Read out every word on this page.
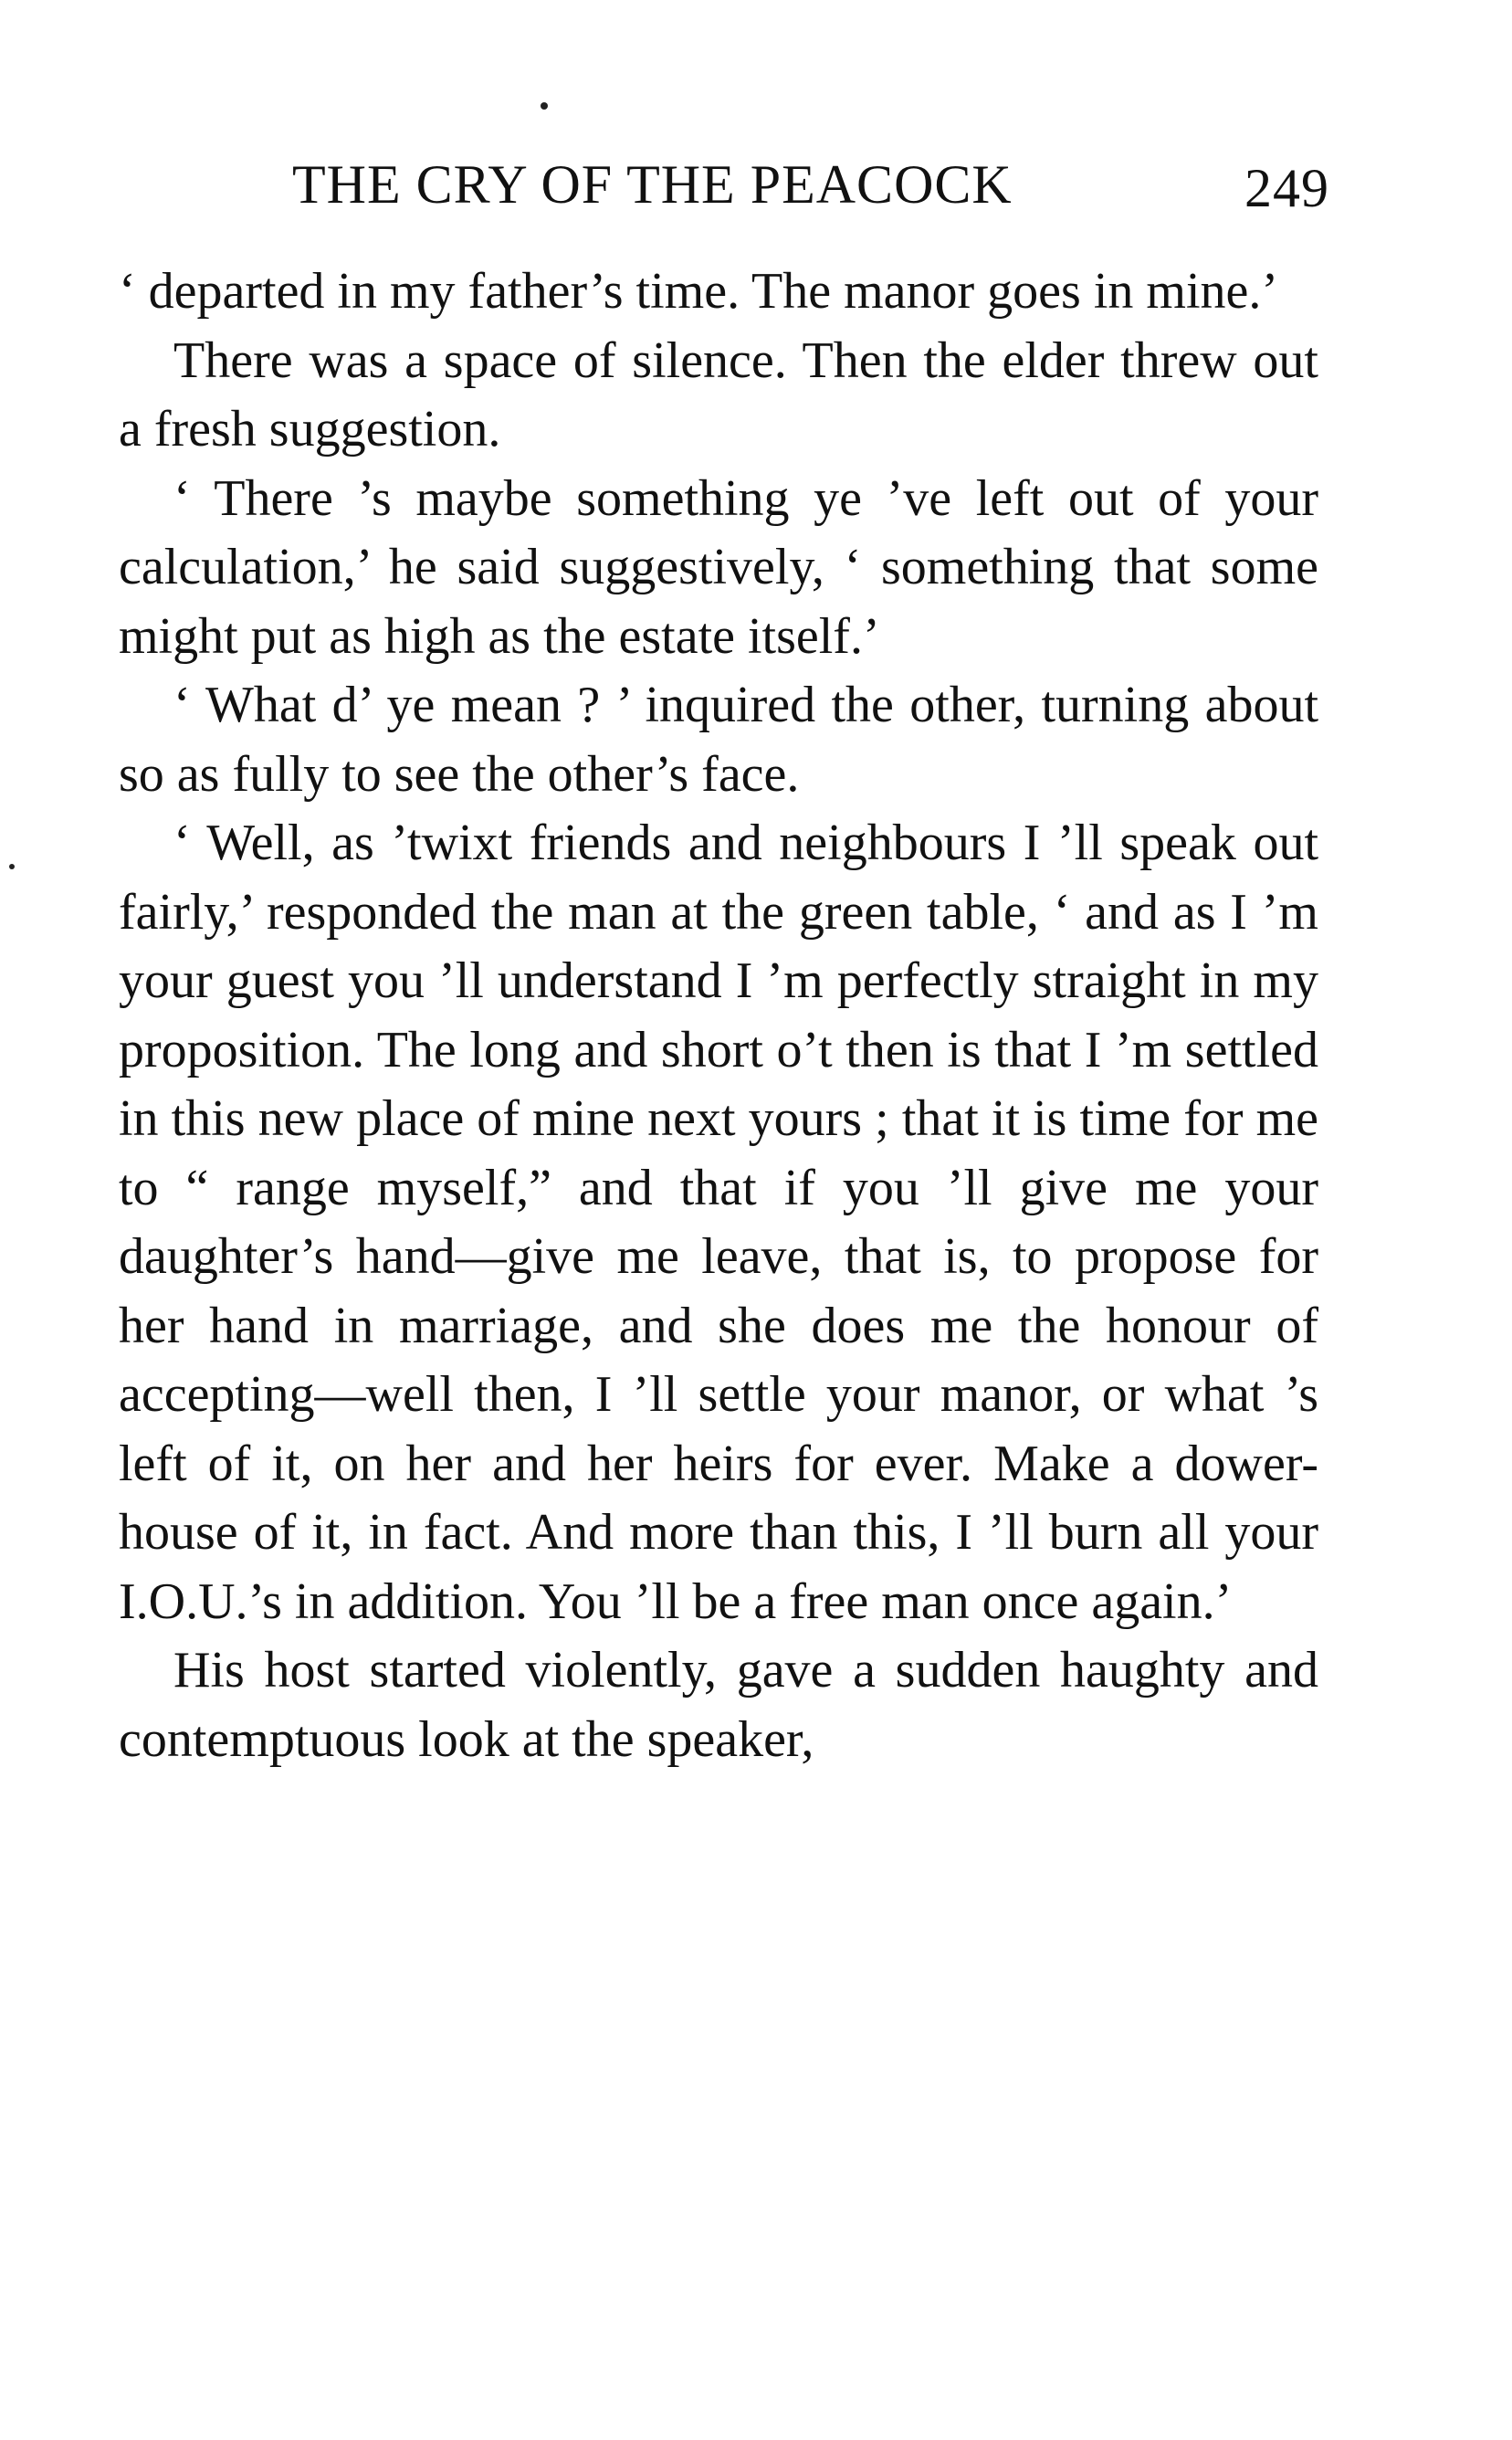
THE CRY OF THE PEACOCK	249

‘ departed in my father’s time. The manor goes in mine.’

There was a space of silence. Then the elder threw out a fresh suggestion.

‘ There ’s maybe something ye ’ve left out of your calculation,’ he said suggestively, ‘ something that some might put as high as the estate itself.’

‘ What d’ ye mean ? ’ inquired the other, turning about so as fully to see the other’s face.

‘ Well, as ’twixt friends and neighbours I ’ll speak out fairly,’ responded the man at the green table, ‘ and as I ’m your guest you ’ll understand I ’m perfectly straight in my proposition. The long and short o’t then is that I ’m settled in this new place of mine next yours ; that it is time for me to “ range myself,” and that if you ’ll give me your daughter’s hand—give me leave, that is, to propose for her hand in marriage, and she does me the honour of accepting—well then, I ’ll settle your manor, or what ’s left of it, on her and her heirs for ever. Make a dower-house of it, in fact. And more than this, I ’ll burn all your I.O.U.’s in addition. You ’ll be a free man once again.’

His host started violently, gave a sudden haughty and contemptuous look at the speaker,
